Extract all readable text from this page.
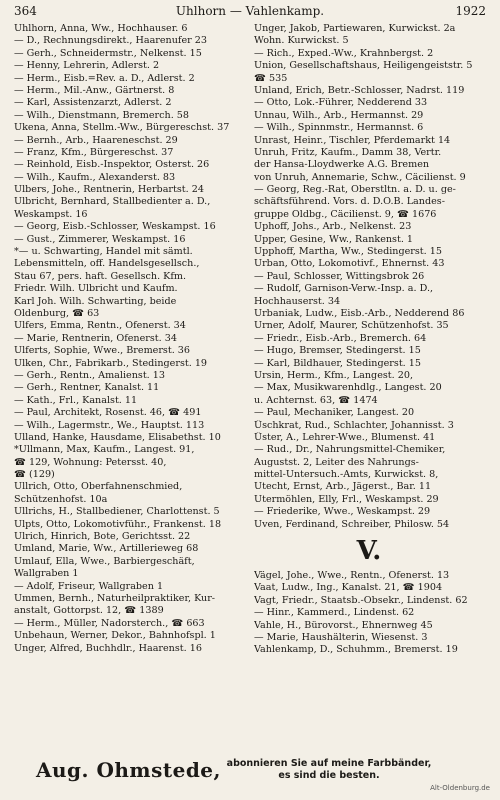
364	Uhlhorn — Vahlenkamp.	1922
Uhlhorn, Anna, Ww., Hochhauser. 6
— D., Rechnungsdirekt., Haarenufer 23
— Gerh., Schneidermstr., Nelkenst. 15
— Henny, Lehrerin, Adlerst. 2
— Herm., Eisb.=Rev. a. D., Adlerst. 2
— Herm., Mil.-Anw., Gärtnerst. 8
— Karl, Assistenzarzt, Adlerst. 2
— Wilh., Dienstmann, Bremerch. 58
Ukena, Anna, Stellm.-Ww., Bürgereschst. 37
— Bernh., Arb., Haareneschst. 29
— Franz, Kfm., Bürgereschst. 37
— Reinhold, Eisb.-Inspektor, Osterst. 26
— Wilh., Kaufm., Alexanderst. 83
Ulbers, Johe., Rentnerin, Herbartst. 24
Ulbricht, Bernhard, Stallbedienter a. D.,
Weskampst. 16
— Georg, Eisb.-Schlosser, Weskampst. 16
— Gust., Zimmerer, Weskampst. 16
*— u. Schwarting, Handel mit sämtl.
Lebensmitteln, off. Handelsgesellsch.,
Stau 67, pers. haft. Gesellsch. Kfm.
Friedr. Wilh. Ulbricht und Kaufm.
Karl Joh. Wilh. Schwarting, beide
Oldenburg, ☎ 63
Ulfers, Emma, Rentn., Ofenerst. 34
— Marie, Rentnerin, Ofenerst. 34
Ulferts, Sophie, Wwe., Bremerst. 36
Ulken, Chr., Fabrikarb., Stedingerst. 19
— Gerh., Rentn., Amalienst. 13
— Gerh., Rentner, Kanalst. 11
— Kath., Frl., Kanalst. 11
— Paul, Architekt, Rosenst. 46, ☎ 491
— Wilh., Lagermstr., We., Hauptst. 113
Ulland, Hanke, Hausdame, Elisabethst. 10
*Ullmann, Max, Kaufm., Langest. 91,
☎ 129, Wohnung: Petersst. 40,
☎ (129)
Ullrich, Otto, Oberfahnenschmied,
Schützenhofst. 10a
Ullrichs, H., Stallbediener, Charlottenst. 5
Ulpts, Otto, Lokomotivführ., Frankenst. 18
Ulrich, Hinrich, Bote, Gerichtsst. 22
Umland, Marie, Ww., Artillerieweg 68
Umlauf, Ella, Wwe., Barbiergeschäft,
Wallgraben 1
— Adolf, Friseur, Wallgraben 1
Ummen, Bernh., Naturheilpraktiker, Kur-
anstalt, Gottorpst. 12, ☎ 1389
— Herm., Müller, Nadorsterch., ☎ 663
Unbehaun, Werner, Dekor., Bahnhofspl. 1
Unger, Alfred, Buchhdlr., Haarenst. 16
Unger, Jakob, Partiewaren, Kurwickst. 2a
Wohn. Kurwickst. 5
— Rich., Exped.-Ww., Krahnbergst. 2
Union, Gesellschaftshaus, Heiligengeiststr. 5
☎ 535
Unland, Erich, Betr.-Schlosser, Nadrst. 119
— Otto, Lok.-Führer, Nedderend 33
Unnau, Wilh., Arb., Hermannst. 29
— Wilh., Spinnmstr., Hermannst. 6
Unrast, Heinr., Tischler, Pferdemarkt 14
Unruh, Fritz, Kaufm., Damm 38, Vertr.
der Hansa-Lloydwerke A.G. Bremen
von Unruh, Annemarie, Schw., Cäcilienst. 9
— Georg, Reg.-Rat, Oberstltn. a. D. u. ge-
schäftsführend. Vors. d. D.O.B. Landes-
gruppe Oldbg., Cäcilienst. 9, ☎ 1676
Uphoff, Johs., Arb., Nelkenst. 23
Upper, Gesine, Ww., Rankenst. 1
Upphoff, Martha, Ww., Stedingerst. 15
Urban, Otto, Lokomotivf., Ehnernst. 43
— Paul, Schlosser, Wittingsbrok 26
— Rudolf, Garnison-Verw.-Insp. a. D.,
Hochhauserst. 34
Urbaniak, Ludw., Eisb.-Arb., Nedderend 86
Urner, Adolf, Maurer, Schützenhofst. 35
— Friedr., Eisb.-Arb., Bremerch. 64
— Hugo, Bremser, Stedingerst. 15
— Karl, Bildhauer, Stedingerst. 15
Ursin, Herm., Kfm., Langest. 20,
— Max, Musikwarenhdlg., Langest. 20
u. Achternst. 63, ☎ 1474
— Paul, Mechaniker, Langest. 20
Üschkrat, Rud., Schlachter, Johannisst. 3
Üster, A., Lehrer-Wwe., Blumenst. 41
— Rud., Dr., Nahrungsmittel-Chemiker,
Augustst. 2, Leiter des Nahrungs-
mittel-Untersuch.-Amts, Kurwickst. 8,
Utecht, Ernst, Arb., Jägerst., Bar. 11
Utermöhlen, Elly, Frl., Weskampst. 29
— Friederike, Wwe., Weskampst. 29
Uven, Ferdinand, Schreiber, Philosw. 54
V.
Vägel, Johe., Wwe., Rentn., Ofenerst. 13
Vaat, Ludw., Ing., Kanalst. 21, ☎ 1904
Vagt, Friedr., Staatsb.-Obsekr., Lindenst. 62
— Hinr., Kammerd., Lindenst. 62
Vahle, H., Bürovorst., Ehnernweg 45
— Marie, Haushälterin, Wiesenst. 3
Vahlenkamp, D., Schuhmm., Bremerst. 19
Aug. Ohmstede, abonnieren Sie auf meine Farbbänder,
es sind die besten.
Alt-Oldenburg.de
